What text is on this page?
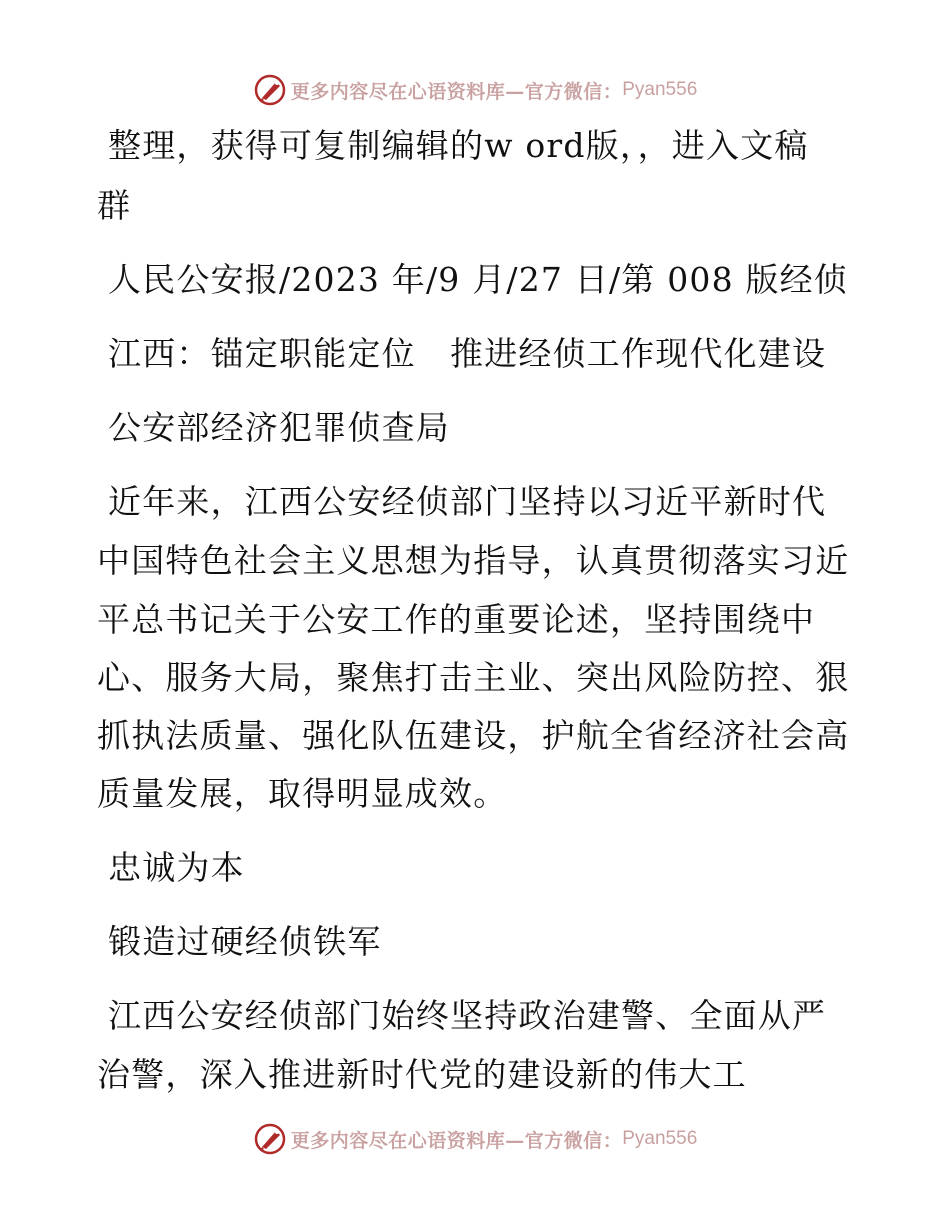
更多内容尽在心语资料库—官方微信： Pyan556
整理，获得可复制编辑的w ord版，，进入文稿
群
人民公安报/2023 年/9 月/27 日/第 008 版经侦
江西：锚定职能定位　推进经侦工作现代化建设
公安部经济犯罪侦查局
近年来，江西公安经侦部门坚持以习近平新时代
中国特色社会主义思想为指导，认真贯彻落实习近
平总书记关于公安工作的重要论述，坚持围绕中
心、服务大局，聚焦打击主业、突出风险防控、狠
抓执法质量、强化队伍建设，护航全省经济社会高
质量发展，取得明显成效。
忠诚为本
锻造过硬经侦铁军
江西公安经侦部门始终坚持政治建警、全面从严
治警，深入推进新时代党的建设新的伟大工
更多内容尽在心语资料库—官方微信： Pyan556
